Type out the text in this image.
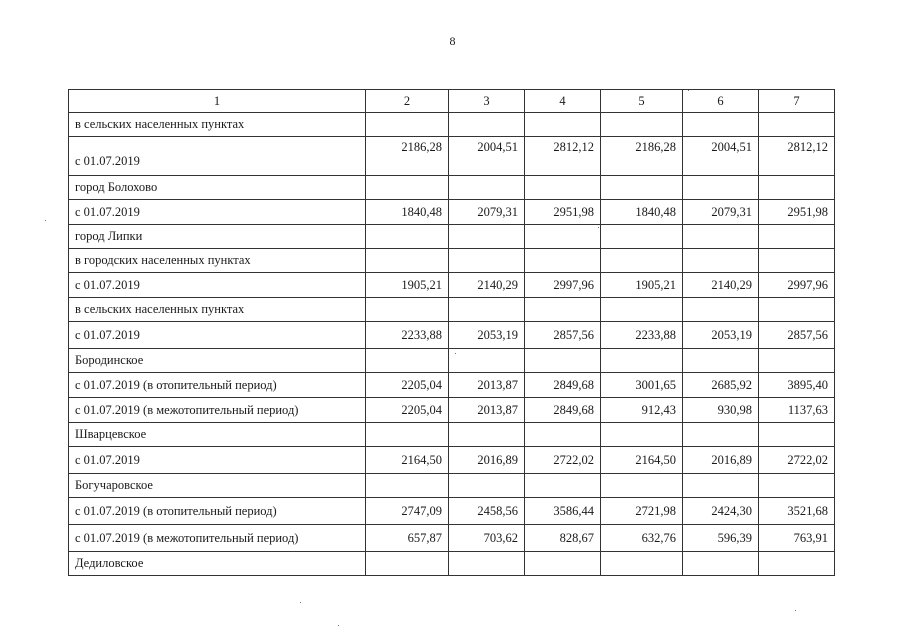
8
1	2	3	4	5	6	7
в сельских населенных пунктах						
с 01.07.2019	2186,28	2004,51	2812,12	2186,28	2004,51	2812,12
город Болохово						
с 01.07.2019	1840,48	2079,31	2951,98	1840,48	2079,31	2951,98
город Липки						
в городских населенных пунктах						
с 01.07.2019	1905,21	2140,29	2997,96	1905,21	2140,29	2997,96
в сельских населенных пунктах						
с 01.07.2019	2233,88	2053,19	2857,56	2233,88	2053,19	2857,56
Бородинское						
с 01.07.2019 (в отопительный период)	2205,04	2013,87	2849,68	3001,65	2685,92	3895,40
с 01.07.2019 (в межотопительный период)	2205,04	2013,87	2849,68	912,43	930,98	1137,63
Шварцевское						
с 01.07.2019	2164,50	2016,89	2722,02	2164,50	2016,89	2722,02
Богучаровское						
с 01.07.2019 (в отопительный период)	2747,09	2458,56	3586,44	2721,98	2424,30	3521,68
с 01.07.2019 (в межотопительный период)	657,87	703,62	828,67	632,76	596,39	763,91
Дедиловское						
